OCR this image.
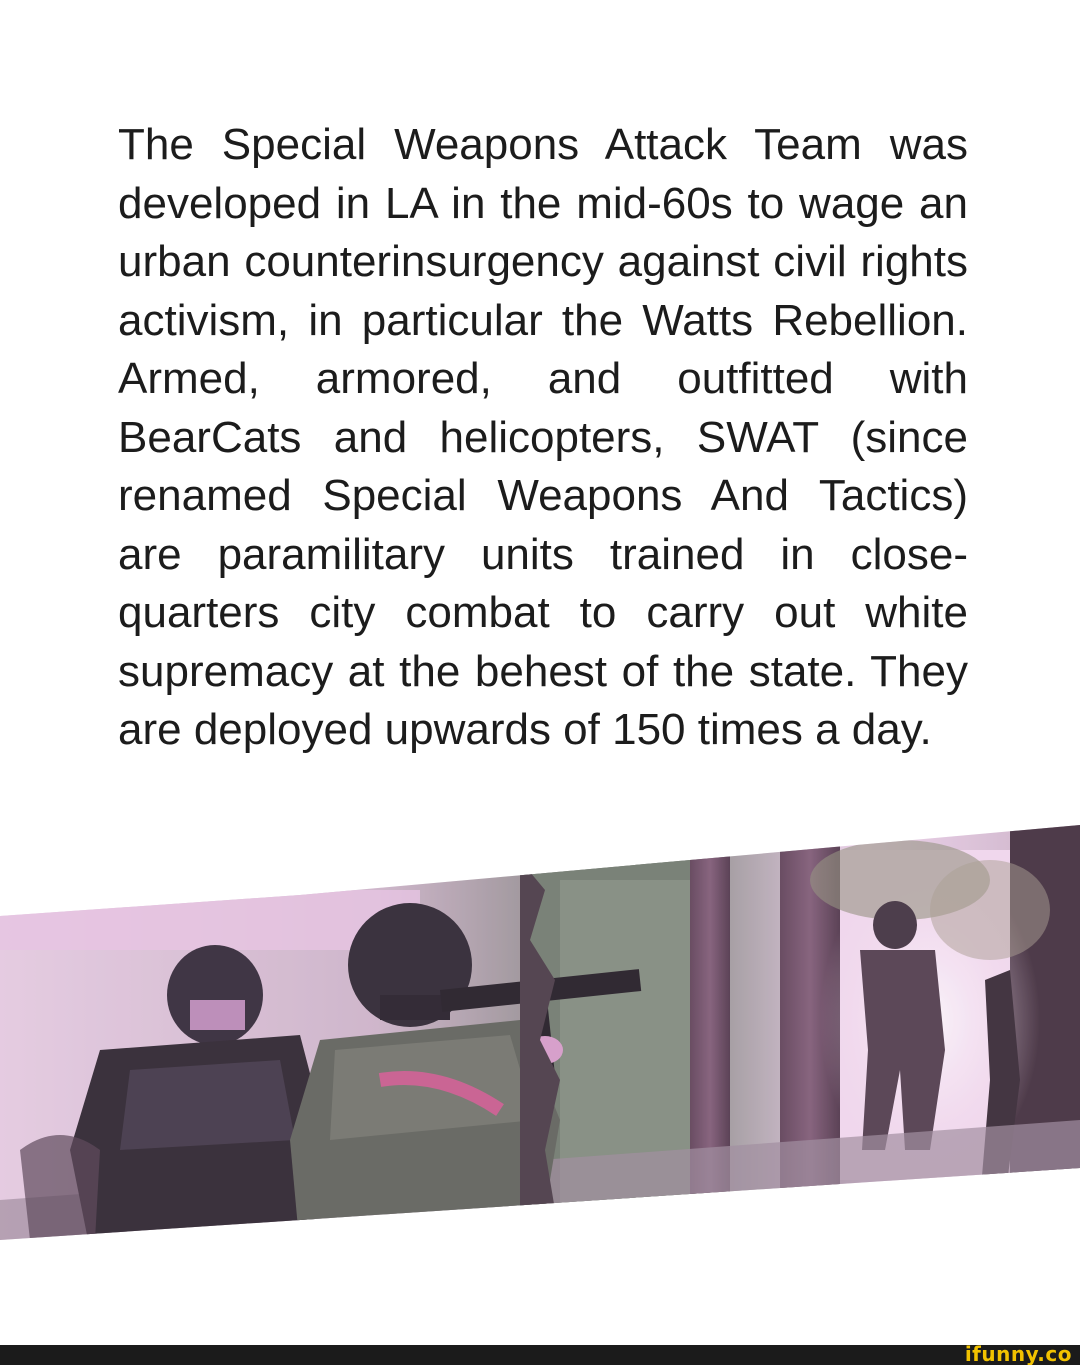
The Special Weapons Attack Team was developed in LA in the mid-60s to wage an urban counterinsurgency against civil rights activism, in particular the Watts Rebellion. Armed, armored, and outfitted with BearCats and helicopters, SWAT (since renamed Special Weapons And Tactics) are paramilitary units trained in close-quarters city combat to carry out white supremacy at the behest of the state. They are deployed upwards of 150 times a day.

ifunny.co
